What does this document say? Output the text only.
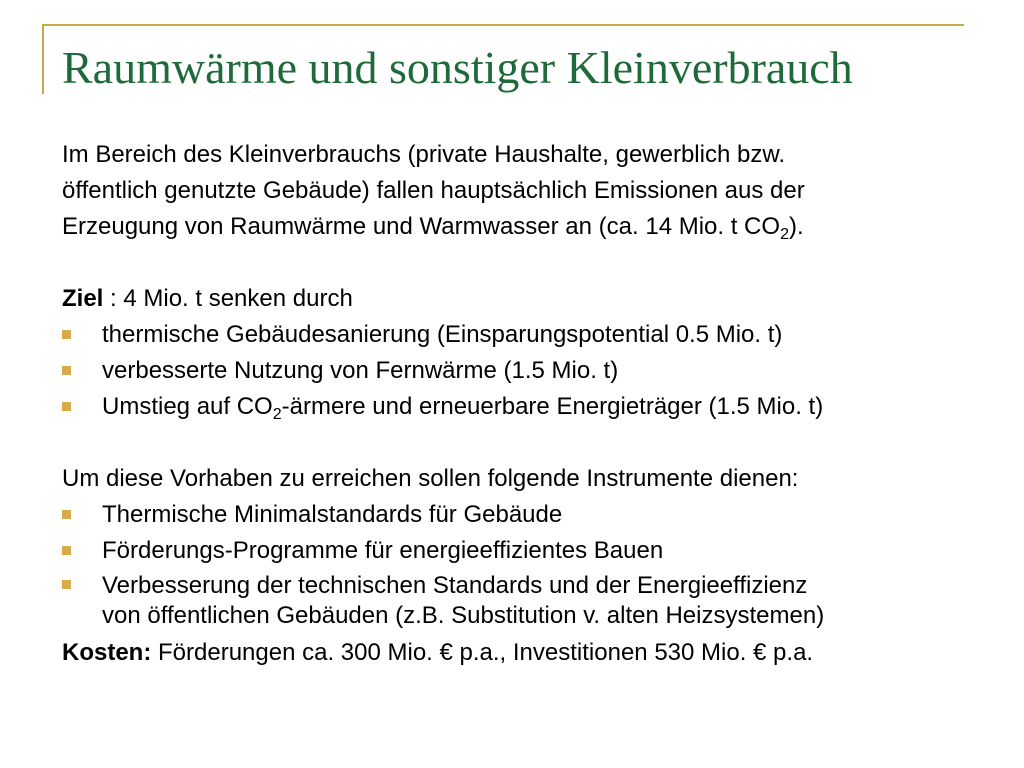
Raumwärme und sonstiger Kleinverbrauch

Im Bereich des Kleinverbrauchs (private Haushalte, gewerblich bzw.

öffentlich genutzte Gebäude) fallen hauptsächlich Emissionen aus der

Erzeugung von Raumwärme und Warmwasser an (ca. 14 Mio. t $CO_2$).

Ziel : 4 Mio. t senken durch

thermische Gebäudesanierung (Einsparungspotential 0.5 Mio. t)
verbesserte Nutzung von Fernwärme (1.5 Mio. t)
Umstieg auf $CO_2$-ärmere und erneuerbare Energieträger (1.5 Mio. t)

Um diese Vorhaben zu erreichen sollen folgende Instrumente dienen:

Thermische Minimalstandards für Gebäude
Förderungs-Programme für energieeffizientes Bauen
Verbesserung der technischen Standards und der Energieeffizienz
von öffentlichen Gebäuden (z.B. Substitution v. alten Heizsystemen)

Kosten: Förderungen ca. 300 Mio. € p.a., Investitionen 530 Mio. € p.a.
